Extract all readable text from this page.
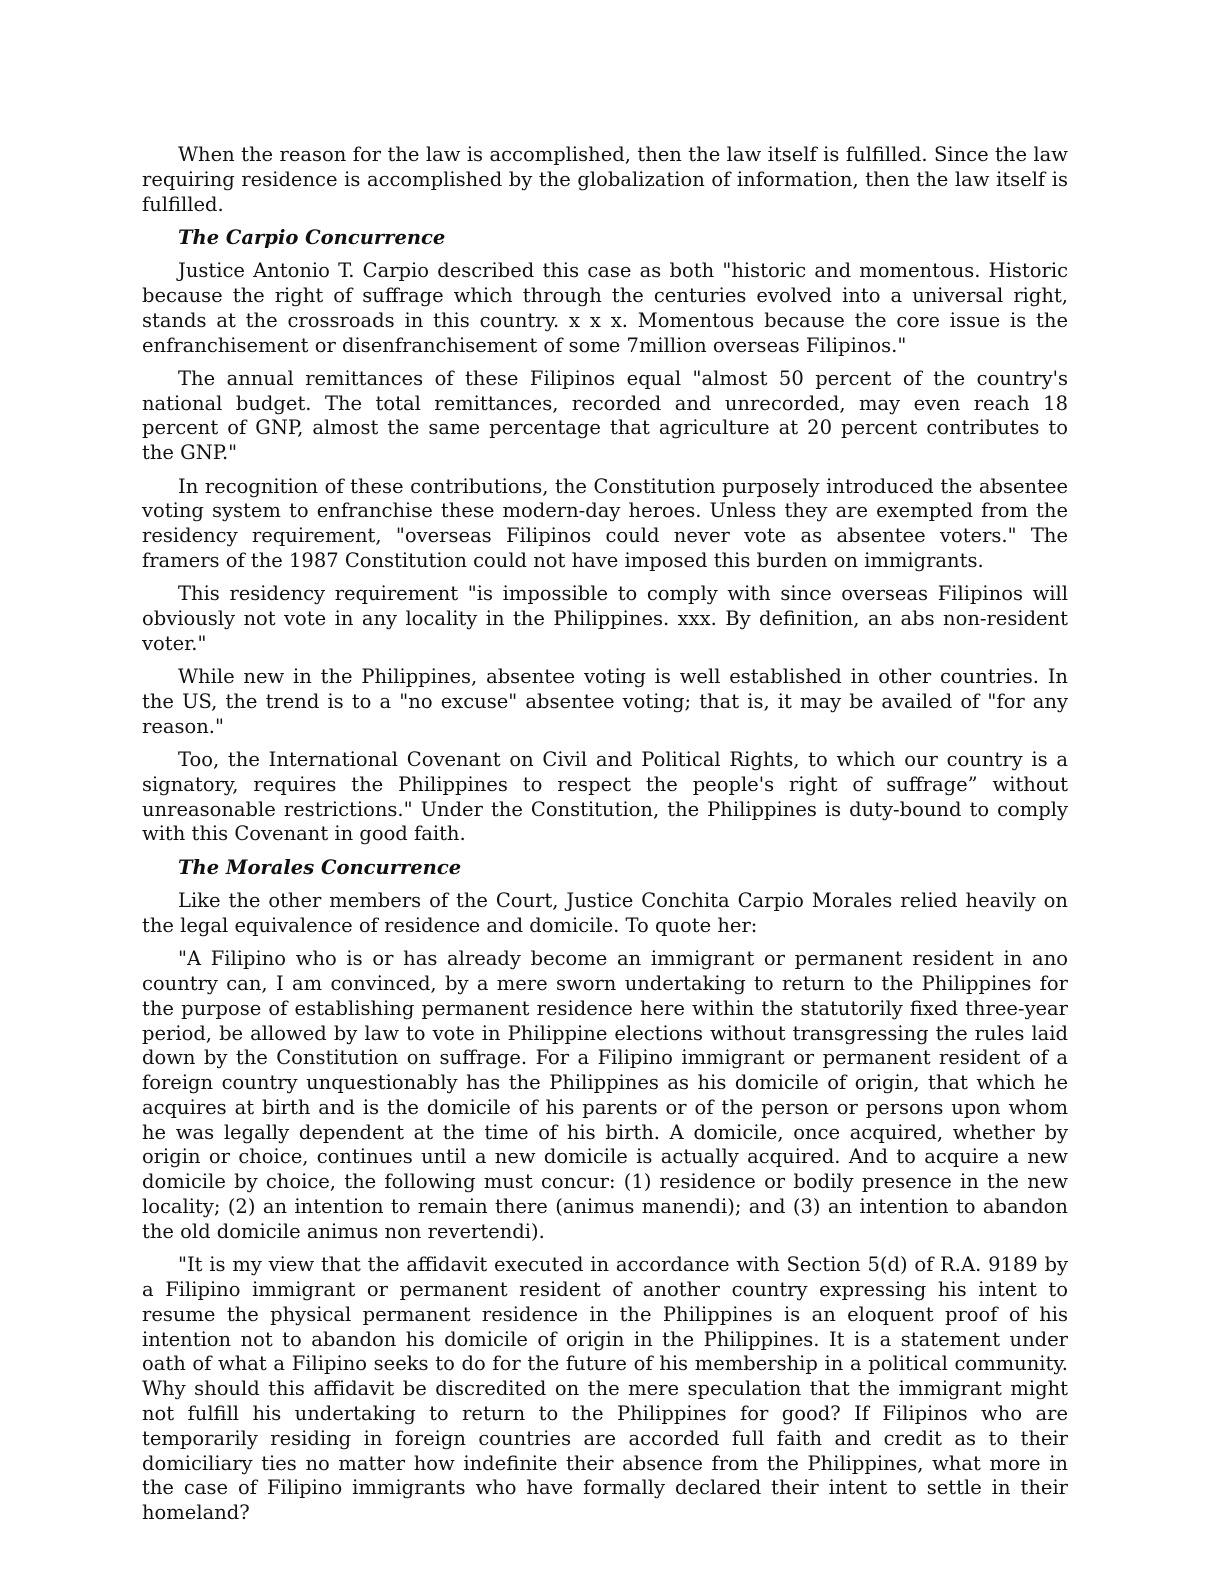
When the reason for the law is accomplished, then the law itself is fulfilled. Since the law requiring residence is accomplished by the globalization of information, then the law itself is fulfilled.

The Carpio Concurrence

Justice Antonio T. Carpio described this case as both "historic and momentous. Historic because the right of suffrage which through the centuries evolved into a universal right, stands at the crossroads in this country. x x x. Momentous because the core issue is the enfranchisement or disenfranchisement of some 7million overseas Filipinos."

The annual remittances of these Filipinos equal "almost 50 percent of the country's national budget. The total remittances, recorded and unrecorded, may even reach 18 percent of GNP, almost the same percentage that agriculture at 20 percent contributes to the GNP."

In recognition of these contributions, the Constitution purposely introduced the absentee voting system to enfranchise these modern-day heroes. Unless they are exempted from the residency requirement, "overseas Filipinos could never vote as absentee voters." The framers of the 1987 Constitution could not have imposed this burden on immigrants.

This residency requirement "is impossible to comply with since overseas Filipinos will obviously not vote in any locality in the Philippines. xxx. By definition, an abs non-resident voter."

While new in the Philippines, absentee voting is well established in other countries. In the US, the trend is to a "no excuse" absentee voting; that is, it may be availed of "for any reason."

Too, the International Covenant on Civil and Political Rights, to which our country is a signatory, requires the Philippines to respect the people's right of suffrage” without unreasonable restrictions." Under the Constitution, the Philippines is duty-bound to comply with this Covenant in good faith.

The Morales Concurrence

Like the other members of the Court, Justice Conchita Carpio Morales relied heavily on the legal equivalence of residence and domicile. To quote her:

"A Filipino who is or has already become an immigrant or permanent resident in ano country can, I am convinced, by a mere sworn undertaking to return to the Philippines for the purpose of establishing permanent residence here within the statutorily fixed three-year period, be allowed by law to vote in Philippine elections without transgressing the rules laid down by the Constitution on suffrage. For a Filipino immigrant or permanent resident of a foreign country unquestionably has the Philippines as his domicile of origin, that which he acquires at birth and is the domicile of his parents or of the person or persons upon whom he was legally dependent at the time of his birth. A domicile, once acquired, whether by origin or choice, continues until a new domicile is actually acquired. And to acquire a new domicile by choice, the following must concur: (1) residence or bodily presence in the new locality; (2) an intention to remain there (animus manendi); and (3) an intention to abandon the old domicile animus non revertendi).

"It is my view that the affidavit executed in accordance with Section 5(d) of R.A. 9189 by a Filipino immigrant or permanent resident of another country expressing his intent to resume the physical permanent residence in the Philippines is an eloquent proof of his intention not to abandon his domicile of origin in the Philippines. It is a statement under oath of what a Filipino seeks to do for the future of his membership in a political community. Why should this affidavit be discredited on the mere speculation that the immigrant might not fulfill his undertaking to return to the Philippines for good? If Filipinos who are temporarily residing in foreign countries are accorded full faith and credit as to their domiciliary ties no matter how indefinite their absence from the Philippines, what more in the case of Filipino immigrants who have formally declared their intent to settle in their homeland?
